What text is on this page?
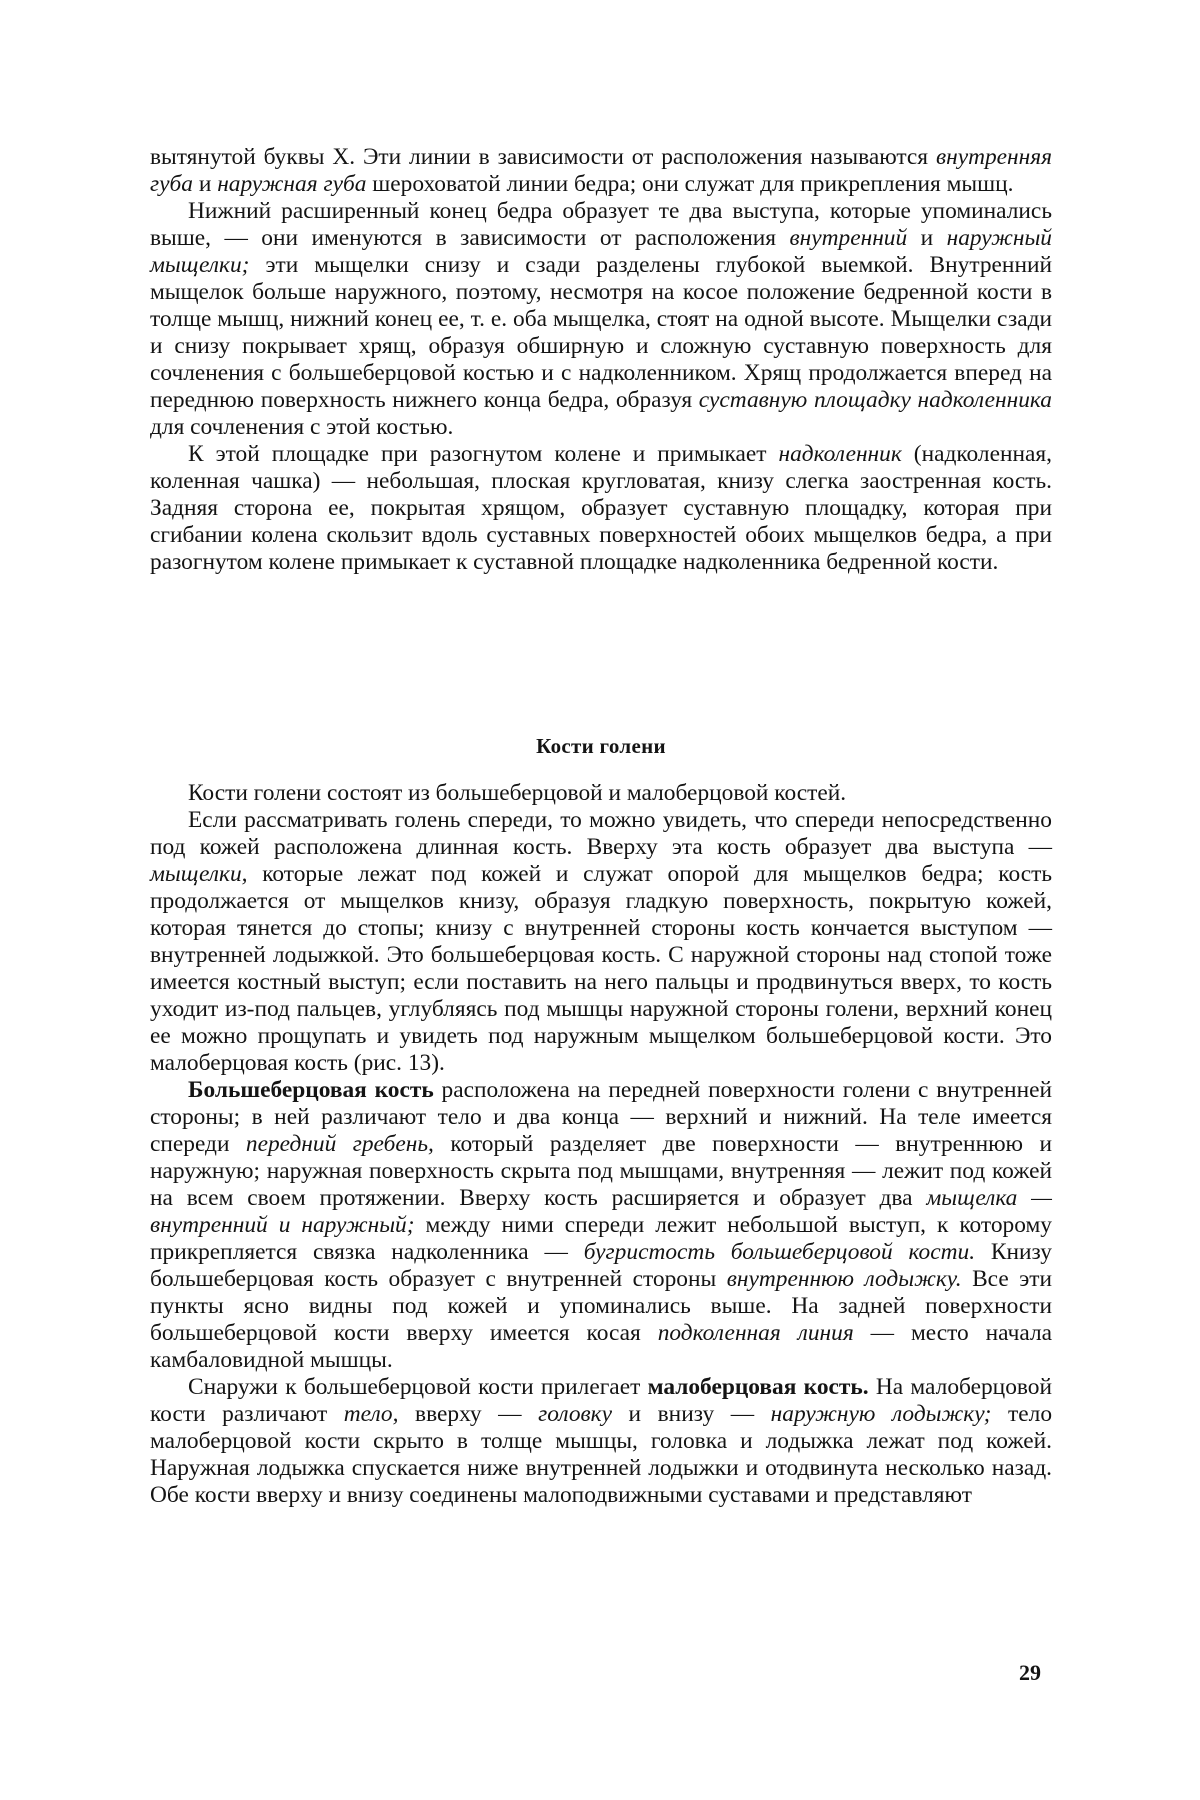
вытянутой буквы X. Эти линии в зависимости от расположения называются внутренняя губа и наружная губа шероховатой линии бедра; они служат для прикрепления мышц.

Нижний расширенный конец бедра образует те два выступа, которые упоминались выше, — они именуются в зависимости от расположения внутренний и наружный мыщелки; эти мыщелки снизу и сзади разделены глубокой выемкой. Внутренний мыщелок больше наружного, поэтому, несмотря на косое положение бедренной кости в толще мышц, нижний конец ее, т. е. оба мыщелка, стоят на одной высоте. Мыщелки сзади и снизу покрывает хрящ, образуя обширную и сложную суставную поверхность для сочленения с большеберцовой костью и с надколенником. Хрящ продолжается вперед на переднюю поверхность нижнего конца бедра, образуя суставную площадку надколенника для сочленения с этой костью.

К этой площадке при разогнутом колене и примыкает надколенник (надколенная, коленная чашка) — небольшая, плоская кругловатая, книзу слегка заостренная кость. Задняя сторона ее, покрытая хрящом, образует суставную площадку, которая при сгибании колена скользит вдоль суставных поверхностей обоих мыщелков бедра, а при разогнутом колене примыкает к суставной площадке надколенника бедренной кости.

Кости голени

Кости голени состоят из большеберцовой и малоберцовой костей.

Если рассматривать голень спереди, то можно увидеть, что спереди непосредственно под кожей расположена длинная кость. Вверху эта кость образует два выступа — мыщелки, которые лежат под кожей и служат опорой для мыщелков бедра; кость продолжается от мыщелков книзу, образуя гладкую поверхность, покрытую кожей, которая тянется до стопы; книзу с внутренней стороны кость кончается выступом — внутренней лодыжкой. Это большеберцовая кость. С наружной стороны над стопой тоже имеется костный выступ; если поставить на него пальцы и продвинуться вверх, то кость уходит из-под пальцев, углубляясь под мышцы наружной стороны голени, верхний конец ее можно прощупать и увидеть под наружным мыщелком большеберцовой кости. Это малоберцовая кость (рис. 13).

Большеберцовая кость расположена на передней поверхности голени с внутренней стороны; в ней различают тело и два конца — верхний и нижний. На теле имеется спереди передний гребень, который разделяет две поверхности — внутреннюю и наружную; наружная поверхность скрыта под мышцами, внутренняя — лежит под кожей на всем своем протяжении. Вверху кость расширяется и образует два мыщелка — внутренний и наружный; между ними спереди лежит небольшой выступ, к которому прикрепляется связка надколенника — бугристость большеберцовой кости. Книзу большеберцовая кость образует с внутренней стороны внутреннюю лодыжку. Все эти пункты ясно видны под кожей и упоминались выше. На задней поверхности большеберцовой кости вверху имеется косая подколенная линия — место начала камбаловидной мышцы.

Снаружи к большеберцовой кости прилегает малоберцовая кость. На малоберцовой кости различают тело, вверху — головку и внизу — наружную лодыжку; тело малоберцовой кости скрыто в толще мышцы, головка и лодыжка лежат под кожей. Наружная лодыжка спускается ниже внутренней лодыжки и отодвинута несколько назад. Обе кости вверху и внизу соединены малоподвижными суставами и представляют

29
